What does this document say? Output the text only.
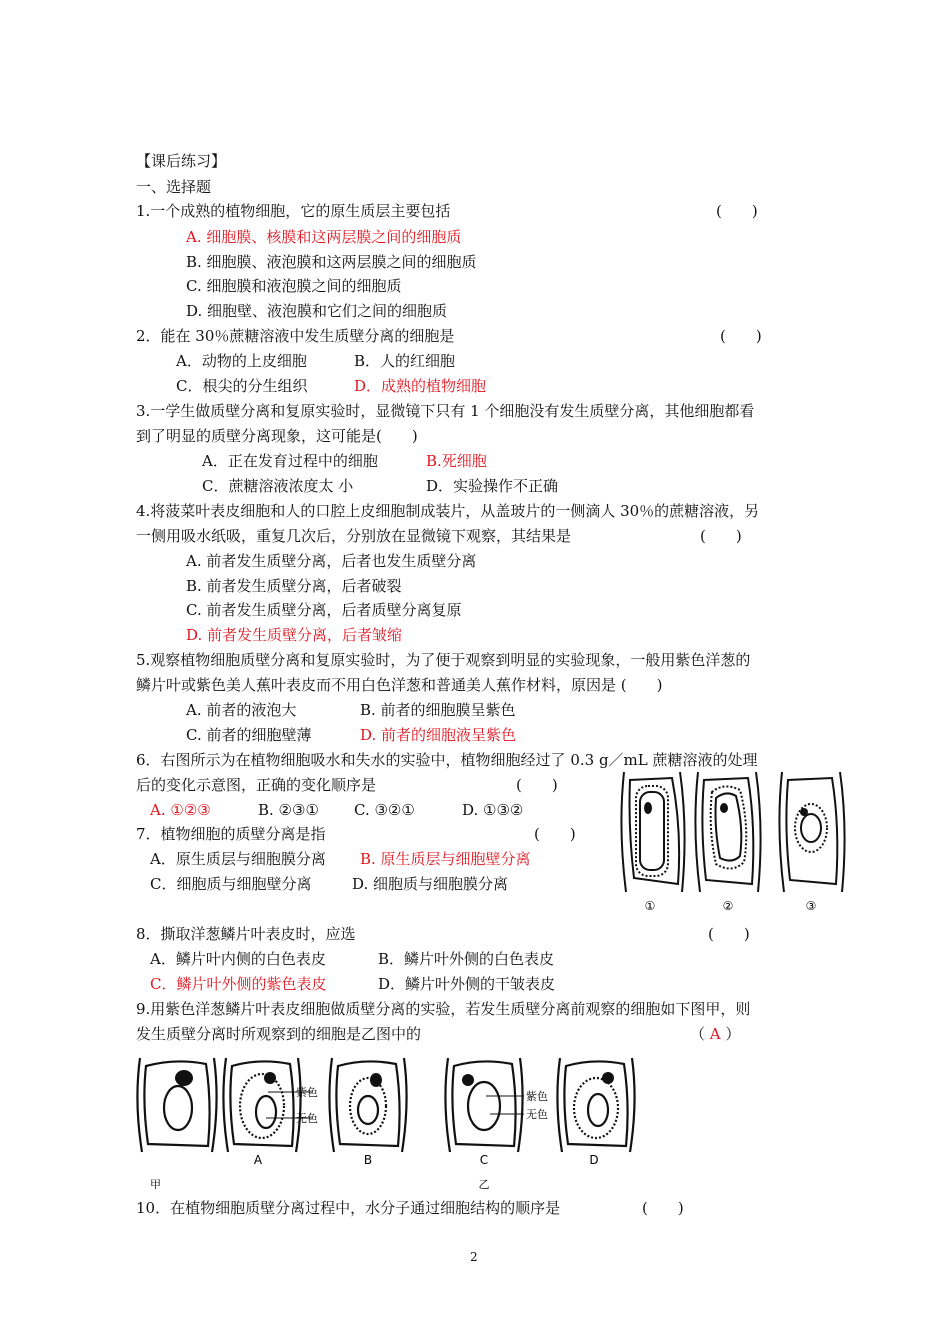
【课后练习】
一、选择题
1.一个成熟的植物细胞，它的原生质层主要包括	(　　)
A. 细胞膜、核膜和这两层膜之间的细胞质
B. 细胞膜、液泡膜和这两层膜之间的细胞质
C. 细胞膜和液泡膜之间的细胞质
D. 细胞壁、液泡膜和它们之间的细胞质
2．能在 30％蔗糖溶液中发生质壁分离的细胞是	(　　)
A．动物的上皮细胞	B．人的红细胞
C．根尖的分生组织	D．成熟的植物细胞
3.一学生做质壁分离和复原实验时，显微镜下只有 1 个细胞没有发生质壁分离，其他细胞都看
到了明显的质壁分离现象，这可能是(　　)
A．正在发育过程中的细胞	B.死细胞
C．蔗糖溶液浓度太 小	D．实验操作不正确
4.将菠菜叶表皮细胞和人的口腔上皮细胞制成装片，从盖玻片的一侧滴人 30％的蔗糖溶液，另
一侧用吸水纸吸，重复几次后，分别放在显微镜下观察，其结果是	(　　)
A. 前者发生质壁分离，后者也发生质壁分离
B. 前者发生质壁分离，后者破裂
C. 前者发生质壁分离，后者质壁分离复原
D. 前者发生质壁分离，后者皱缩
5.观察植物细胞质壁分离和复原实验时，为了便于观察到明显的实验现象，一般用紫色洋葱的
鳞片叶或紫色美人蕉叶表皮而不用白色洋葱和普通美人蕉作材料，原因是 (　　)
A. 前者的液泡大	B. 前者的细胞膜呈紫色
C. 前者的细胞壁薄	D. 前者的细胞液呈紫色
6．右图所示为在植物细胞吸水和失水的实验中，植物细胞经过了 0.3 g／mL 蔗糖溶液的处理
后的变化示意图，正确的变化顺序是	(　　)
A. ①②③	B. ②③① C. ③②①	D. ①③②
7．植物细胞的质壁分离是指	(　　)
A．原生质层与细胞膜分离 B. 原生质层与细胞壁分离
C．细胞质与细胞壁分离	D. 细胞质与细胞膜分离
①	②	③
8．撕取洋葱鳞片叶表皮时，应选	(　　)
A．鳞片叶内侧的白色表皮	B．鳞片叶外侧的白色表皮
C．鳞片叶外侧的紫色表皮	D．鳞片叶外侧的干皱表皮
9.用紫色洋葱鳞片叶表皮细胞做质壁分离的实验，若发生质壁分离前观察的细胞如下图甲，则
发生质壁分离时所观察到的细胞是乙图中的	（ A ）
紫色
无色
紫色
无色
A	B	C	D
甲	乙
10．在植物细胞质壁分离过程中，水分子通过细胞结构的顺序是	(　　)
2
